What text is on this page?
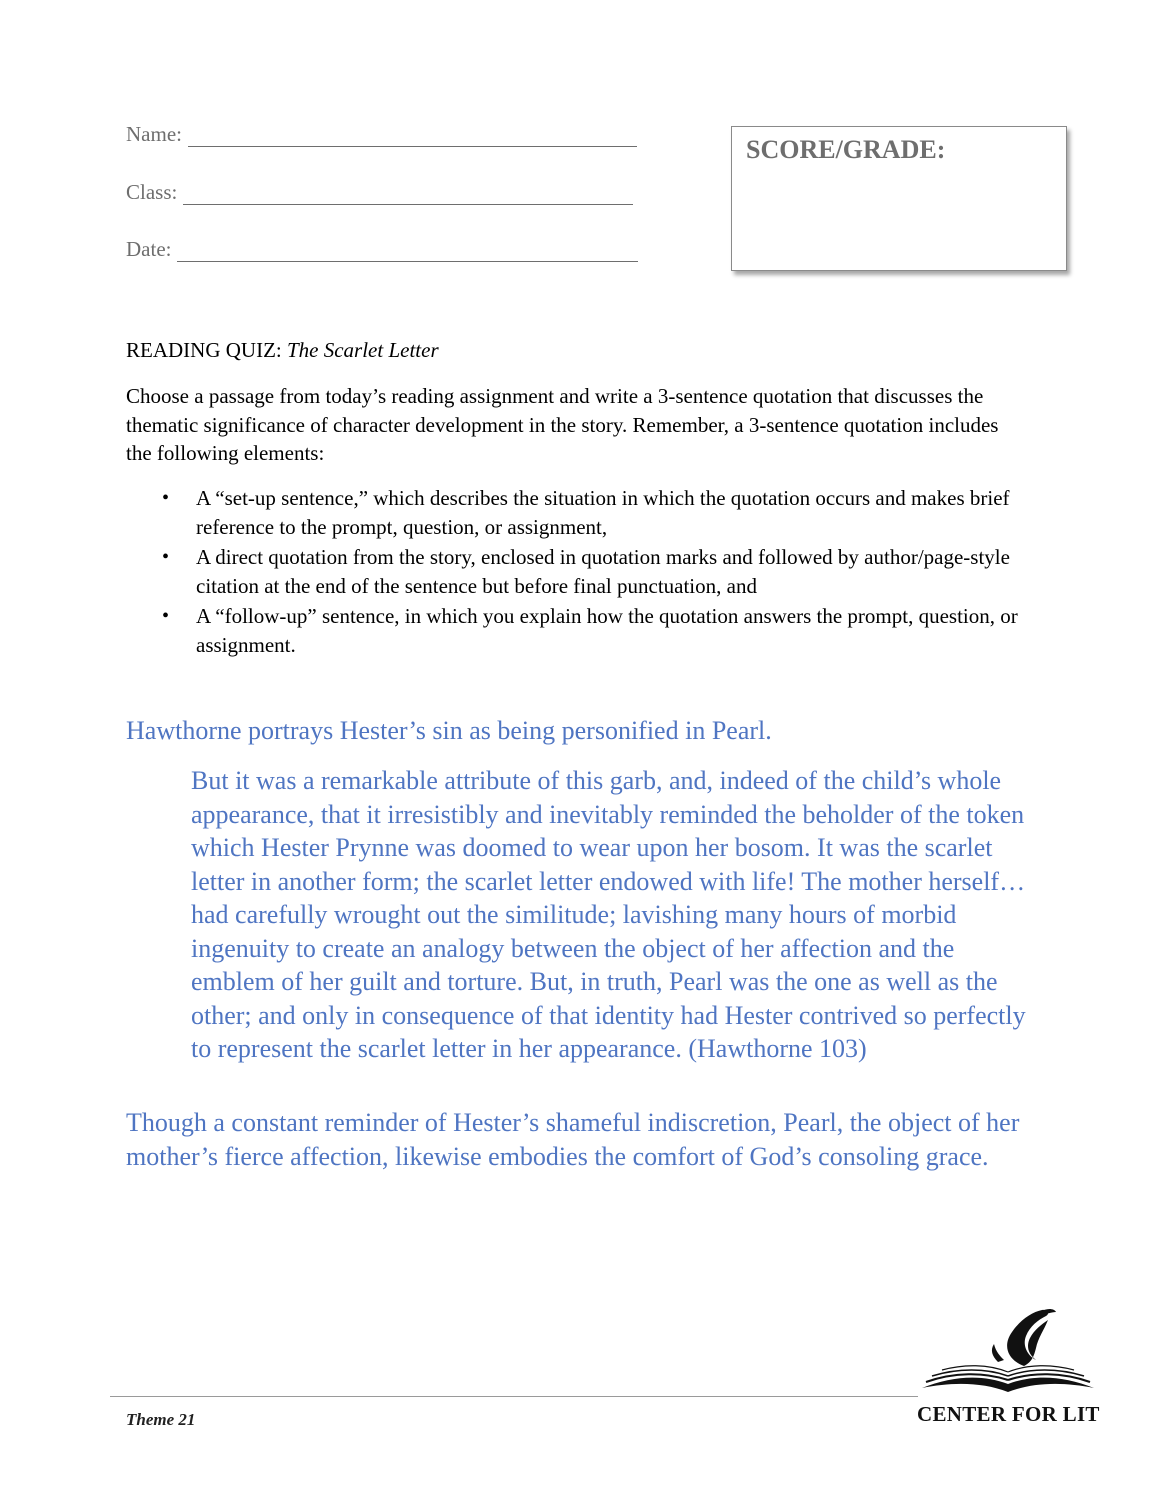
Name:
Class:
Date:
SCORE/GRADE:
READING QUIZ: The Scarlet Letter
Choose a passage from today’s reading assignment and write a 3-sentence quotation that discusses the thematic significance of character development in the story. Remember, a 3-sentence quotation includes the following elements:
• A “set-up sentence,” which describes the situation in which the quotation occurs and makes brief reference to the prompt, question, or assignment,
• A direct quotation from the story, enclosed in quotation marks and followed by author/page-style citation at the end of the sentence but before final punctuation, and
• A “follow-up” sentence, in which you explain how the quotation answers the prompt, question, or assignment.
Hawthorne portrays Hester’s sin as being personified in Pearl.
But it was a remarkable attribute of this garb, and, indeed of the child’s whole appearance, that it irresistibly and inevitably reminded the beholder of the token which Hester Prynne was doomed to wear upon her bosom. It was the scarlet letter in another form; the scarlet letter endowed with life! The mother herself…had carefully wrought out the similitude; lavishing many hours of morbid ingenuity to create an analogy between the object of her affection and the emblem of her guilt and torture. But, in truth, Pearl was the one as well as the other; and only in consequence of that identity had Hester contrived so perfectly to represent the scarlet letter in her appearance. (Hawthorne 103)
Though a constant reminder of Hester’s shameful indiscretion, Pearl, the object of her mother’s fierce affection, likewise embodies the comfort of God’s consoling grace.
Theme 21	CENTER FOR LIT
